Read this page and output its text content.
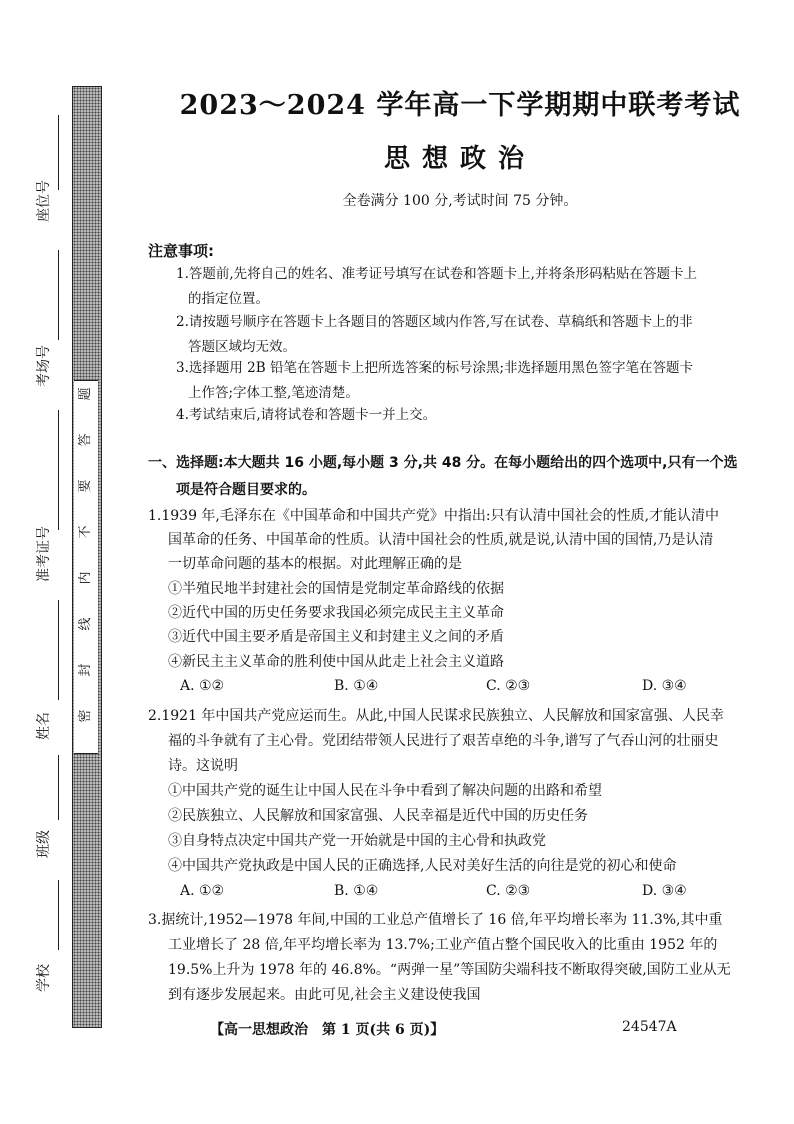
题
答
要
不
内
线
封
密
座位号
考场号
准考证号
姓名
班级
学校
2023～2024 学年高一下学期期中联考考试
思想政治
全卷满分 100 分,考试时间 75 分钟。
注意事项:
1.答题前,先将自己的姓名、准考证号填写在试卷和答题卡上,并将条形码粘贴在答题卡上
的指定位置。
2.请按题号顺序在答题卡上各题目的答题区域内作答,写在试卷、草稿纸和答题卡上的非
答题区域均无效。
3.选择题用 2B 铅笔在答题卡上把所选答案的标号涂黑;非选择题用黑色签字笔在答题卡
上作答;字体工整,笔迹清楚。
4.考试结束后,请将试卷和答题卡一并上交。
一、选择题:本大题共 16 小题,每小题 3 分,共 48 分。在每小题给出的四个选项中,只有一个选
项是符合题目要求的。
1.1939 年,毛泽东在《中国革命和中国共产党》中指出:只有认清中国社会的性质,才能认清中
国革命的任务、中国革命的性质。认清中国社会的性质,就是说,认清中国的国情,乃是认清
一切革命问题的基本的根据。对此理解正确的是
①半殖民地半封建社会的国情是党制定革命路线的依据
②近代中国的历史任务要求我国必须完成民主主义革命
③近代中国主要矛盾是帝国主义和封建主义之间的矛盾
④新民主主义革命的胜利使中国从此走上社会主义道路
A. ①②	B. ①④	C. ②③	D. ③④
2.1921 年中国共产党应运而生。从此,中国人民谋求民族独立、人民解放和国家富强、人民幸
福的斗争就有了主心骨。党团结带领人民进行了艰苦卓绝的斗争,谱写了气吞山河的壮丽史
诗。这说明
①中国共产党的诞生让中国人民在斗争中看到了解决问题的出路和希望
②民族独立、人民解放和国家富强、人民幸福是近代中国的历史任务
③自身特点决定中国共产党一开始就是中国的主心骨和执政党
④中国共产党执政是中国人民的正确选择,人民对美好生活的向往是党的初心和使命
A. ①②	B. ①④	C. ②③	D. ③④
3.据统计,1952—1978 年间,中国的工业总产值增长了 16 倍,年平均增长率为 11.3%,其中重
工业增长了 28 倍,年平均增长率为 13.7%;工业产值占整个国民收入的比重由 1952 年的
19.5%上升为 1978 年的 46.8%。“两弹一星”等国防尖端科技不断取得突破,国防工业从无
到有逐步发展起来。由此可见,社会主义建设使我国
【高一思想政治　第 1 页(共 6 页)】	24547A
